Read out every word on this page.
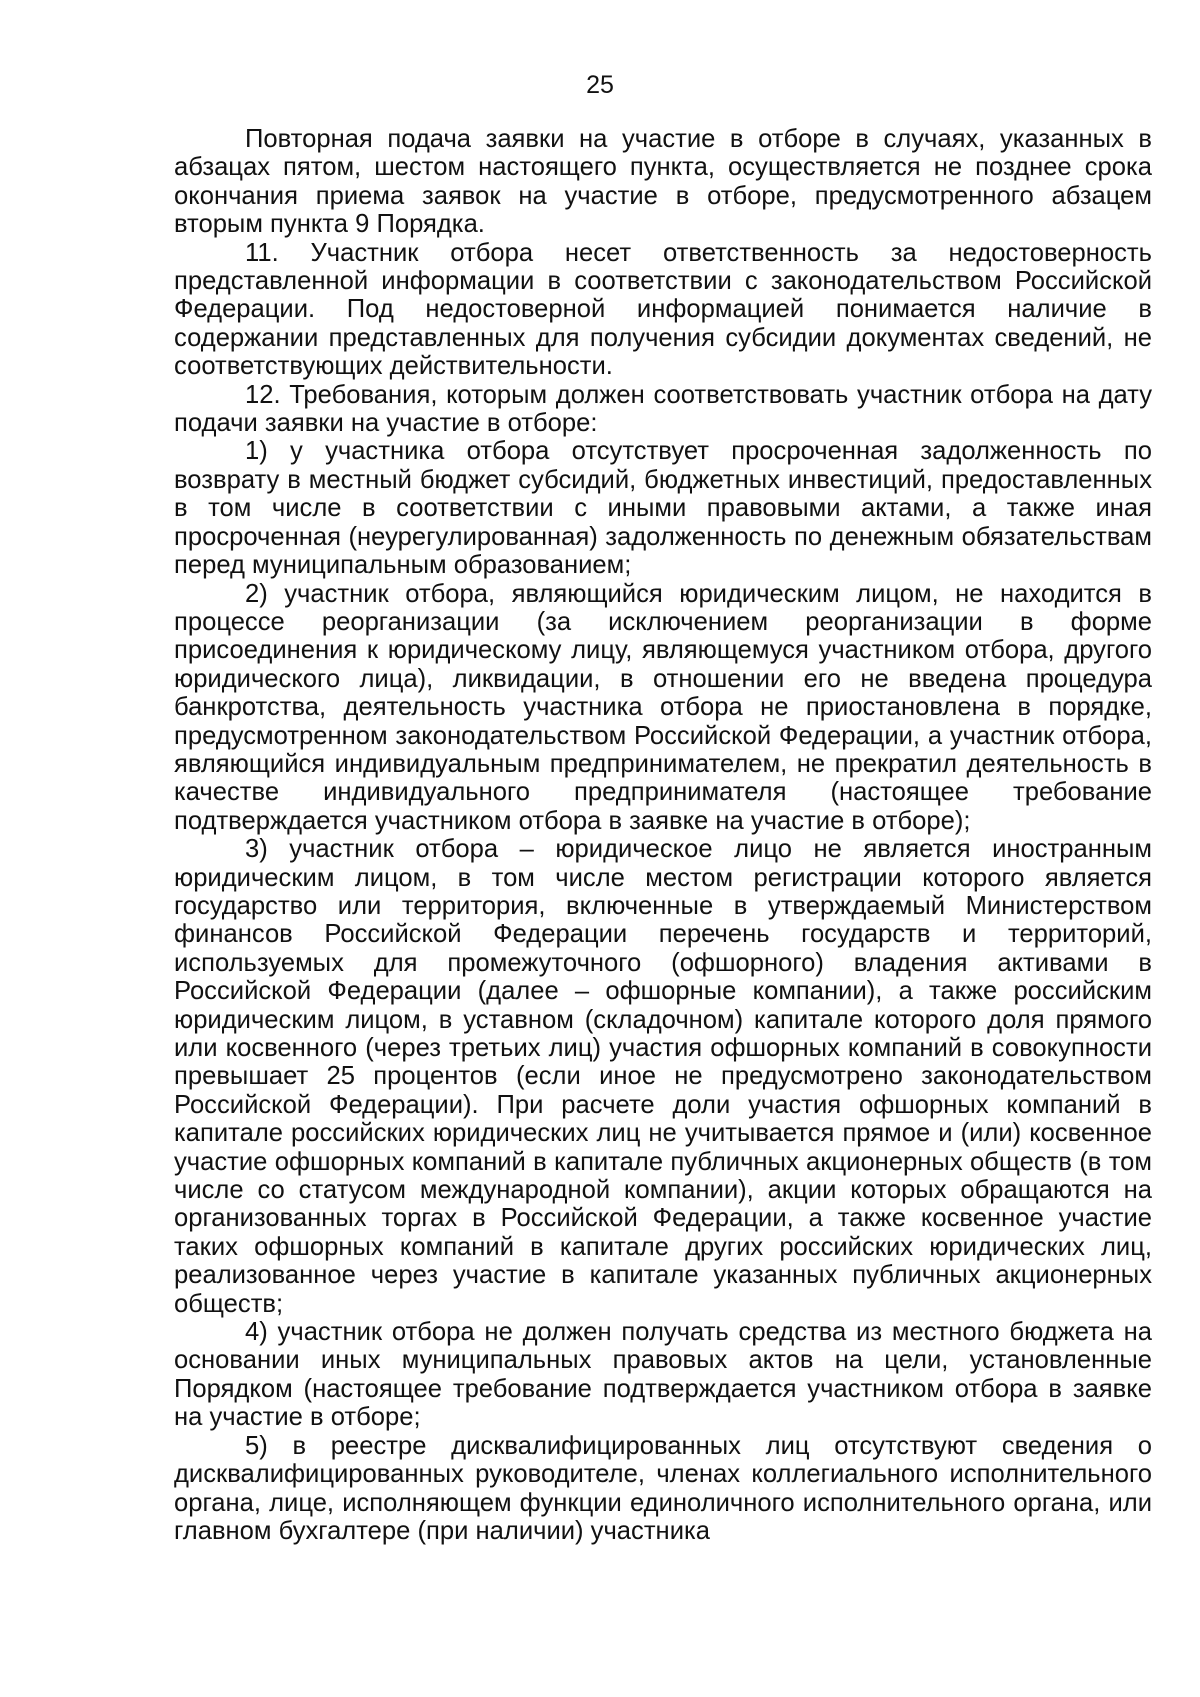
25

Повторная подача заявки на участие в отборе в случаях, указанных в абзацах пятом, шестом настоящего пункта, осуществляется не позднее срока окончания приема заявок на участие в отборе, предусмотренного абзацем вторым пункта 9 Порядка.

11. Участник отбора несет ответственность за недостоверность представленной информации в соответствии с законодательством Российской Федерации. Под недостоверной информацией понимается наличие в содержании представленных для получения субсидии документах сведений, не соответствующих действительности.

12. Требования, которым должен соответствовать участник отбора на дату подачи заявки на участие в отборе:

1) у участника отбора отсутствует просроченная задолженность по возврату в местный бюджет субсидий, бюджетных инвестиций, предоставленных в том числе в соответствии с иными правовыми актами, а также иная просроченная (неурегулированная) задолженность по денежным обязательствам перед муниципальным образованием;

2) участник отбора, являющийся юридическим лицом, не находится в процессе реорганизации (за исключением реорганизации в форме присоединения к юридическому лицу, являющемуся участником отбора, другого юридического лица), ликвидации, в отношении его не введена процедура банкротства, деятельность участника отбора не приостановлена в порядке, предусмотренном законодательством Российской Федерации, а участник отбора, являющийся индивидуальным предпринимателем, не прекратил деятельность в качестве индивидуального предпринимателя (настоящее требование подтверждается участником отбора в заявке на участие в отборе);

3) участник отбора – юридическое лицо не является иностранным юридическим лицом, в том числе местом регистрации которого является государство или территория, включенные в утверждаемый Министерством финансов Российской Федерации перечень государств и территорий, используемых для промежуточного (офшорного) владения активами в Российской Федерации (далее – офшорные компании), а также российским юридическим лицом, в уставном (складочном) капитале которого доля прямого или косвенного (через третьих лиц) участия офшорных компаний в совокупности превышает 25 процентов (если иное не предусмотрено законодательством Российской Федерации). При расчете доли участия офшорных компаний в капитале российских юридических лиц не учитывается прямое и (или) косвенное участие офшорных компаний в капитале публичных акционерных обществ (в том числе со статусом международной компании), акции которых обращаются на организованных торгах в Российской Федерации, а также косвенное участие таких офшорных компаний в капитале других российских юридических лиц, реализованное через участие в капитале указанных публичных акционерных обществ;

4) участник отбора не должен получать средства из местного бюджета на основании иных муниципальных правовых актов на цели, установленные Порядком (настоящее требование подтверждается участником отбора в заявке на участие в отборе;

5) в реестре дисквалифицированных лиц отсутствуют сведения о дисквалифицированных руководителе, членах коллегиального исполнительного органа, лице, исполняющем функции единоличного исполнительного органа, или главном бухгалтере (при наличии) участника
